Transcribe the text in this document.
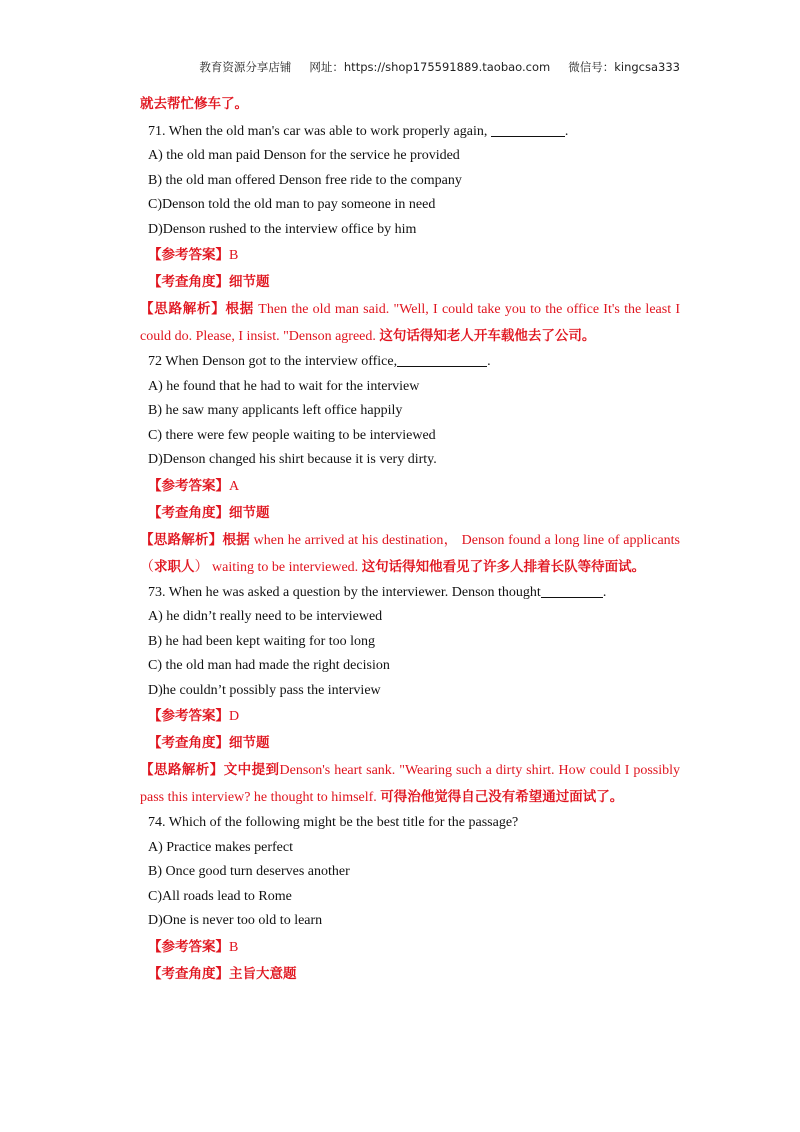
教育资源分享店铺 网址：https://shop175591889.taobao.com 微信号：kingcsa333
就去帮忙修车了。
71. When the old man's car was able to work properly again,	.
A) the old man paid Denson for the service he provided
B) the old man offered Denson free ride to the company
C)Denson told the old man to pay someone in need
D)Denson rushed to the interview office by him
【参考答案】B
【考查角度】细节题
【思路解析】根据 Then the old man said. "Well, I could take you to the office It's the least I could do. Please, I insist. "Denson agreed. 这句话得知老人开车载他去了公司。
72 When Denson got to the interview office,	.
A) he found that he had to wait for the interview
B) he saw many applicants left office happily
C) there were few people waiting to be interviewed
D)Denson changed his shirt because it is very dirty.
【参考答案】A
【考查角度】细节题
【思路解析】根据 when he arrived at his destination， Denson found a long line of applicants（求职人） waiting to be interviewed. 这句话得知他看见了许多人排着长队等待面试。
73. When he was asked a question by the interviewer. Denson thought	.
A) he didn’t really need to be interviewed
B) he had been kept waiting for too long
C) the old man had made the right decision
D)he couldn’t possibly pass the interview
【参考答案】D
【考查角度】细节题
【思路解析】文中提到Denson's heart sank. "Wearing such a dirty shirt. How could I possibly pass this interview? he thought to himself. 可得治他觉得自己没有希望通过面试了。
74. Which of the following might be the best title for the passage?
A) Practice makes perfect
B) Once good turn deserves another
C)All roads lead to Rome
D)One is never too old to learn
【参考答案】B
【考查角度】主旨大意题
